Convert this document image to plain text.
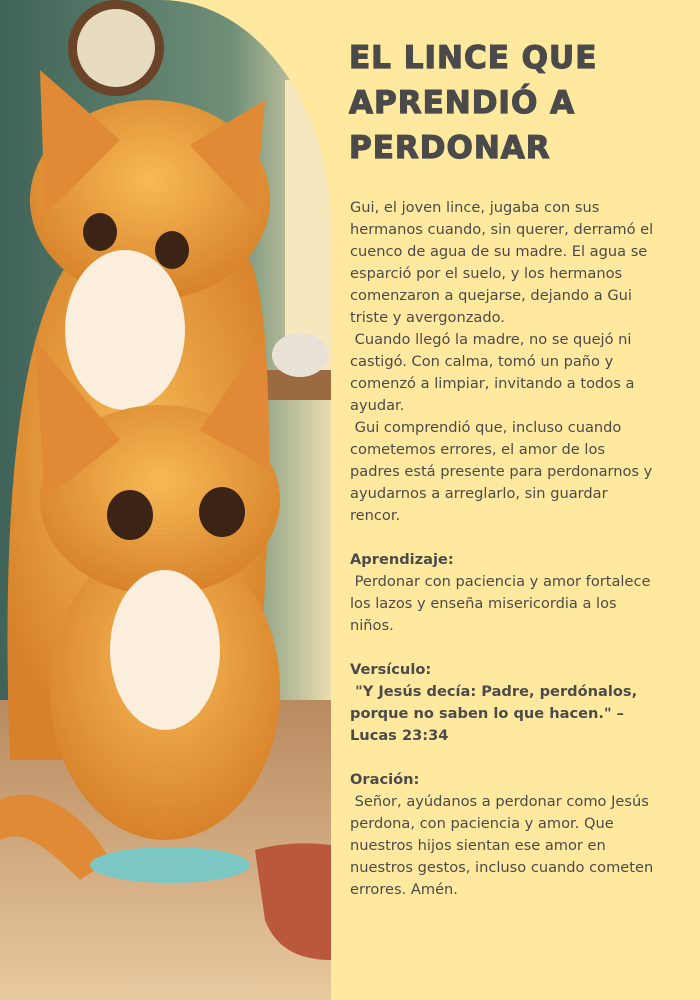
EL LINCE QUE APRENDIÓ A PERDONAR

Gui, el joven lince, jugaba con sus hermanos cuando, sin querer, derramó el cuenco de agua de su madre. El agua se esparció por el suelo, y los hermanos comenzaron a quejarse, dejando a Gui triste y avergonzado.

Cuando llegó la madre, no se quejó ni castigó. Con calma, tomó un paño y comenzó a limpiar, invitando a todos a ayudar.

Gui comprendió que, incluso cuando cometemos errores, el amor de los padres está presente para perdonarnos y ayudarnos a arreglarlo, sin guardar rencor.

Aprendizaje:

Perdonar con paciencia y amor fortalece los lazos y enseña misericordia a los niños.

Versículo:

"Y Jesús decía: Padre, perdónalos, porque no saben lo que hacen." – Lucas 23:34

Oración:

Señor, ayúdanos a perdonar como Jesús perdona, con paciencia y amor. Que nuestros hijos sientan ese amor en nuestros gestos, incluso cuando cometen errores. Amén.
